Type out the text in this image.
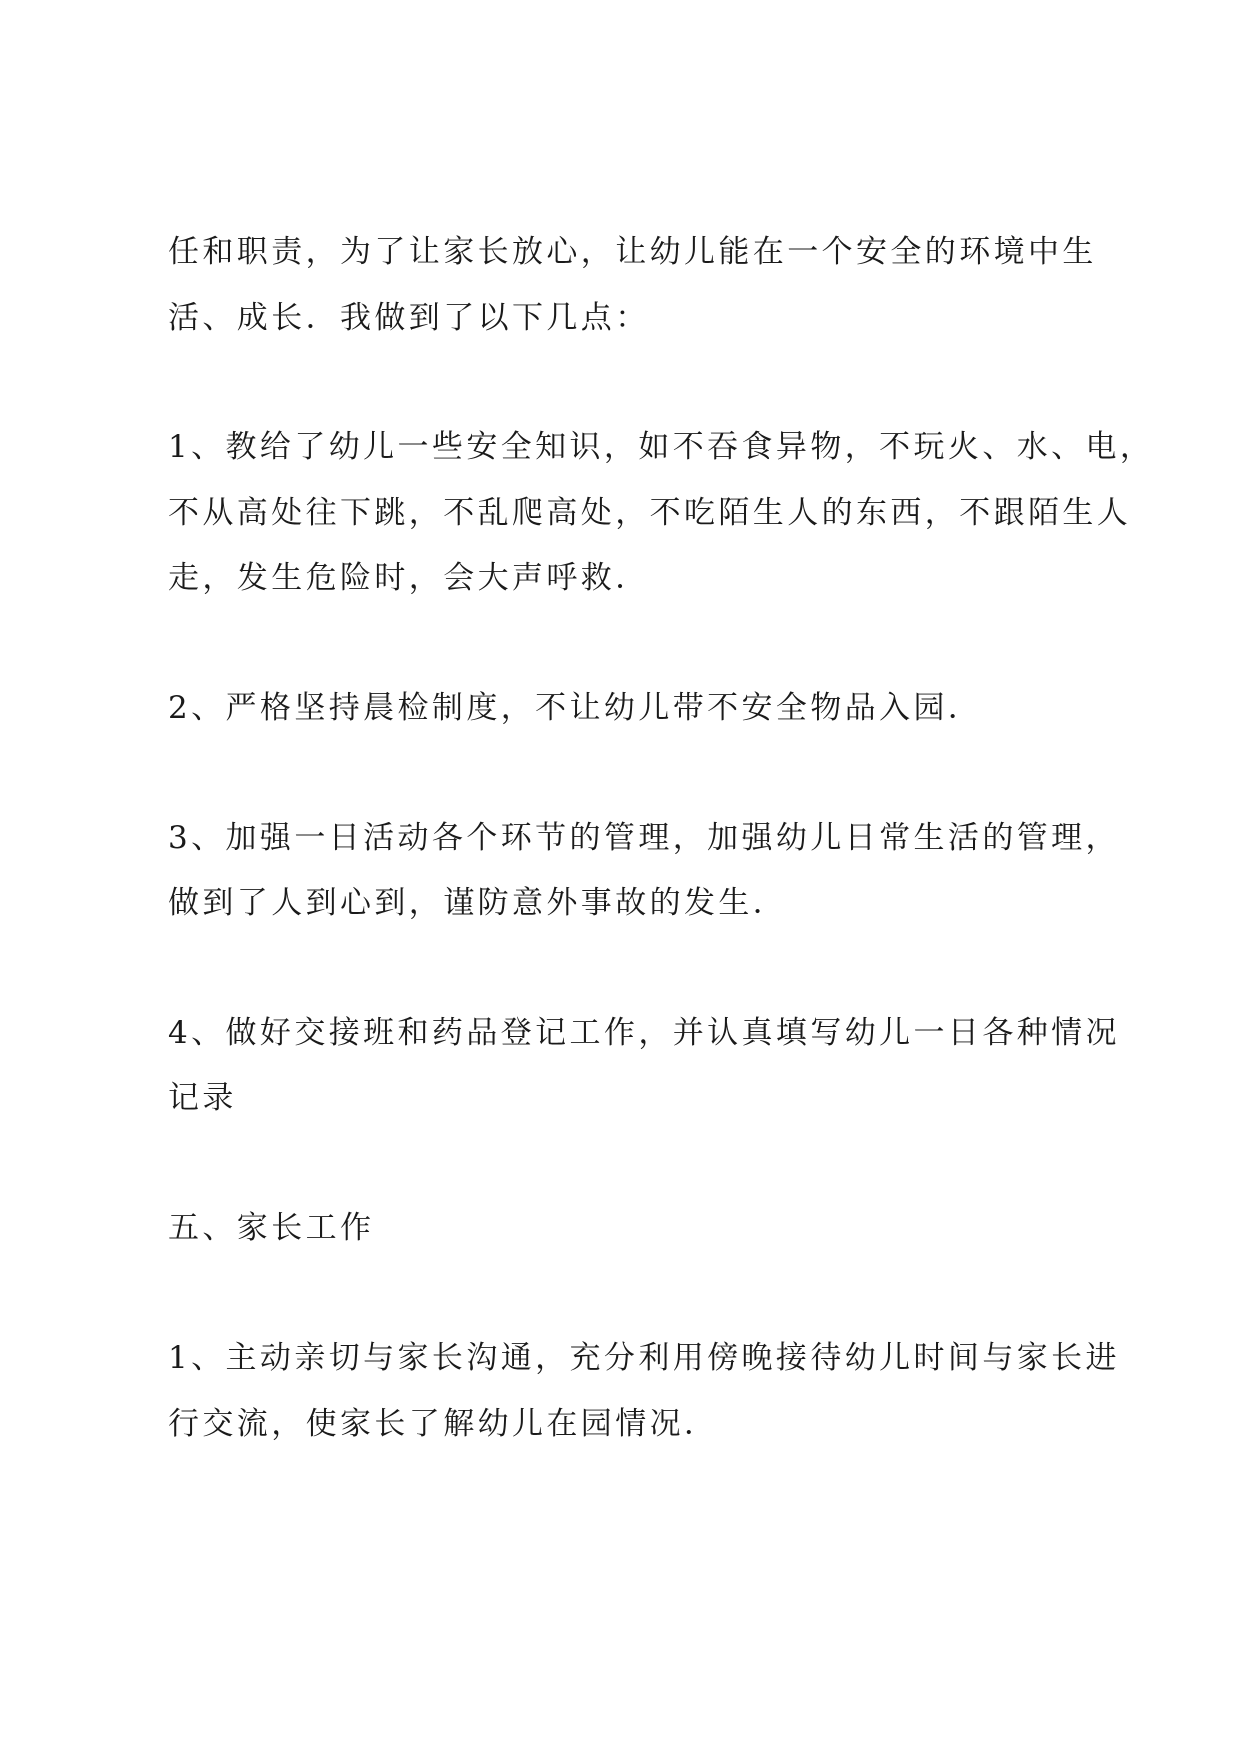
任和职责，为了让家长放心，让幼儿能在一个安全的环境中生
活、成长．我做到了以下几点：
1、教给了幼儿一些安全知识，如不吞食异物，不玩火、水、电，
不从高处往下跳，不乱爬高处，不吃陌生人的东西，不跟陌生人
走，发生危险时，会大声呼救．
2、严格坚持晨检制度，不让幼儿带不安全物品入园．
3、加强一日活动各个环节的管理，加强幼儿日常生活的管理，
做到了人到心到，谨防意外事故的发生．
4、做好交接班和药品登记工作，并认真填写幼儿一日各种情况
记录
五、家长工作
1、主动亲切与家长沟通，充分利用傍晚接待幼儿时间与家长进
行交流，使家长了解幼儿在园情况．
